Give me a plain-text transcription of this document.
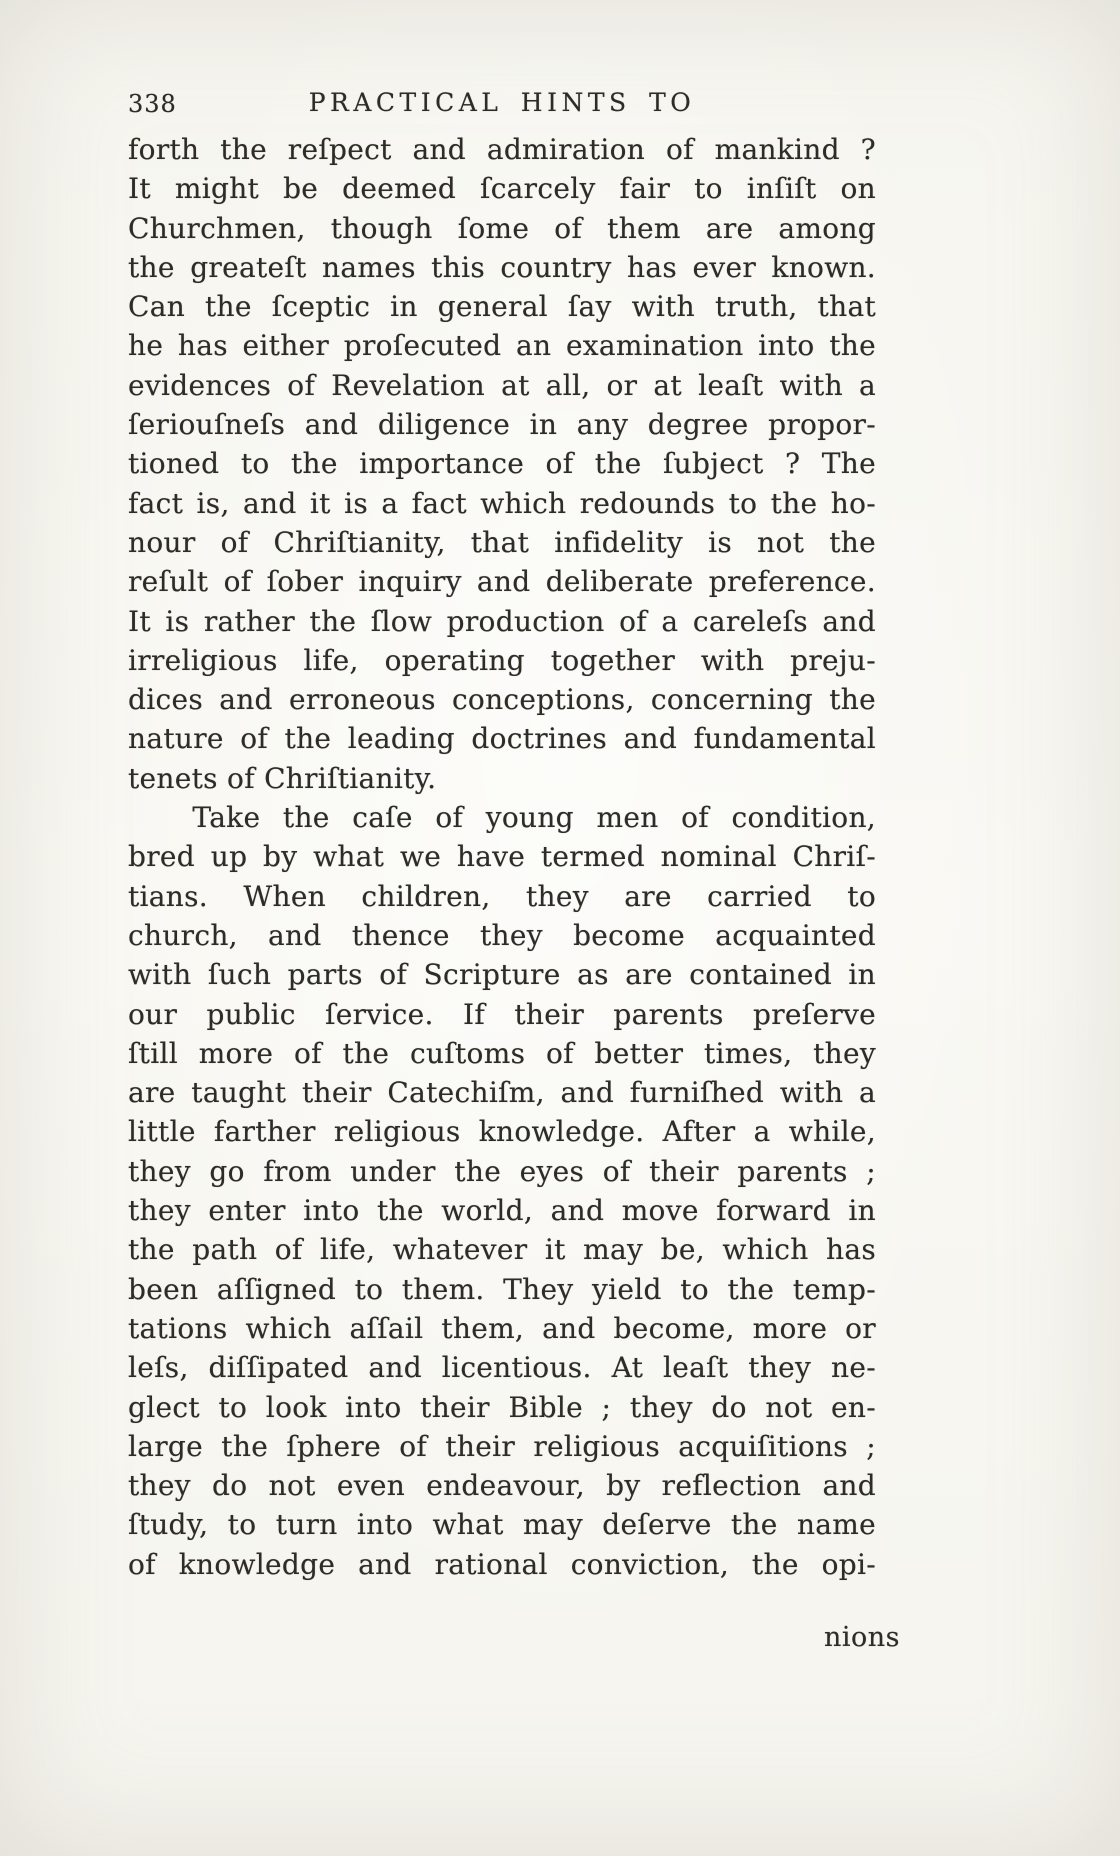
338	PRACTICAL HINTS TO
forth the reſpect and admiration of mankind ?
It might be deemed ſcarcely fair to inſiſt on
Churchmen, though ſome of them are among
the greateſt names this country has ever known.
Can the ſceptic in general ſay with truth, that
he has either proſecuted an examination into the
evidences of Revelation at all, or at leaſt with a
ſeriouſneſs and diligence in any degree propor-
tioned to the importance of the ſubject ? The
fact is, and it is a fact which redounds to the ho-
nour of Chriſtianity, that infidelity is not the
reſult of ſober inquiry and deliberate preference.
It is rather the ſlow production of a careleſs and
irreligious life, operating together with preju-
dices and erroneous conceptions, concerning the
nature of the leading doctrines and fundamental
tenets of Chriſtianity.
Take the caſe of young men of condition,
bred up by what we have termed nominal Chriſ-
tians. When children, they are carried to
church, and thence they become acquainted
with ſuch parts of Scripture as are contained in
our public ſervice. If their parents preſerve
ſtill more of the cuſtoms of better times, they
are taught their Catechiſm, and furniſhed with a
little farther religious knowledge. After a while,
they go from under the eyes of their parents ;
they enter into the world, and move forward in
the path of life, whatever it may be, which has
been aſſigned to them. They yield to the temp-
tations which aſſail them, and become, more or
leſs, diſſipated and licentious. At leaſt they ne-
glect to look into their Bible ; they do not en-
large the ſphere of their religious acquiſitions ;
they do not even endeavour, by reflection and
ſtudy, to turn into what may deſerve the name
of knowledge and rational conviction, the opi-
nions
